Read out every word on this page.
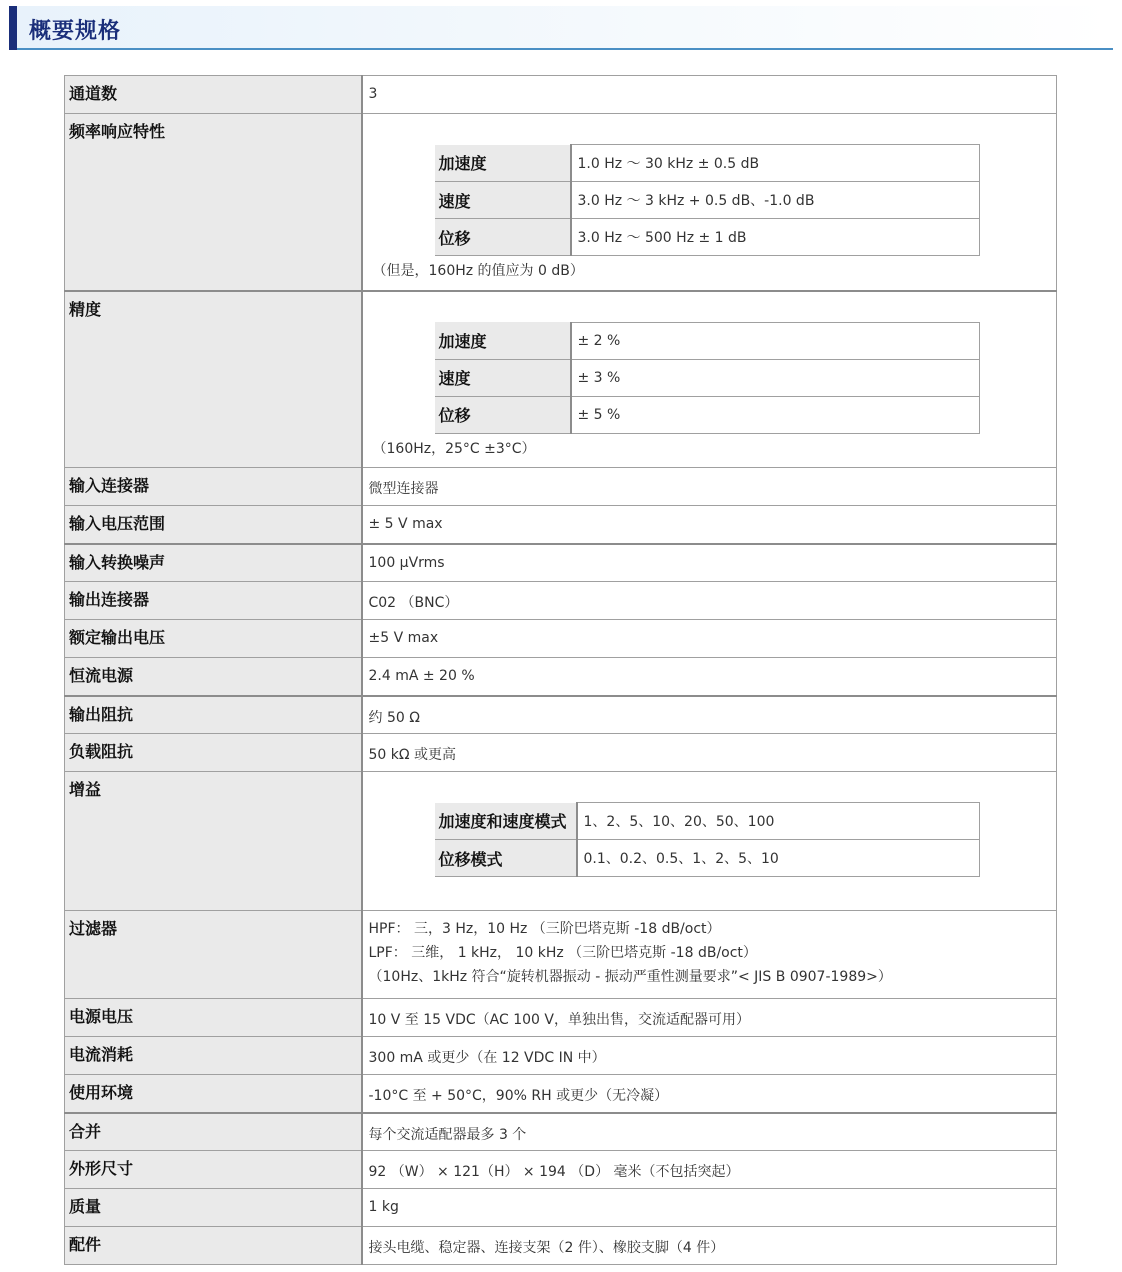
概要规格
通道数	3
频率响应特性	
加速度	1.0 Hz ～ 30 kHz ± 0.5 dB
速度	3.0 Hz ～ 3 kHz + 0.5 dB、-1.0 dB
位移	3.0 Hz ～ 500 Hz ± 1 dB
（但是，160Hz 的值应为 0 dB）

精度	
加速度	± 2 %
速度	± 3 %
位移	± 5 %
（160Hz，25°C ±3°C）

输入连接器	微型连接器
输入电压范围	± 5 V max
输入转换噪声	100 μVrms
输出连接器	C02 （BNC）
额定输出电压	±5 V max
恒流电源	2.4 mA ± 20 %
输出阻抗	约 50 Ω
负载阻抗	50 kΩ 或更高
增益	
加速度和速度模式	1、2、5、10、20、50、100
位移模式	0.1、0.2、0.5、1、2、5、10

过滤器	HPF： 三，3 Hz，10 Hz （三阶巴塔克斯 -18 dB/oct）
LPF： 三维， 1 kHz， 10 kHz （三阶巴塔克斯 -18 dB/oct）
（10Hz、1kHz 符合“旋转机器振动 - 振动严重性测量要求”< JIS B 0907-1989>）

电源电压	10 V 至 15 VDC（AC 100 V，单独出售，交流适配器可用）
电流消耗	300 mA 或更少（在 12 VDC IN 中）
使用环境	-10°C 至 + 50°C，90% RH 或更少（无冷凝）
合并	每个交流适配器最多 3 个
外形尺寸	92 （W） × 121（H） × 194 （D） 毫米（不包括突起）
质量	1 kg
配件	接头电缆、稳定器、连接支架（2 件）、橡胶支脚（4 件）
